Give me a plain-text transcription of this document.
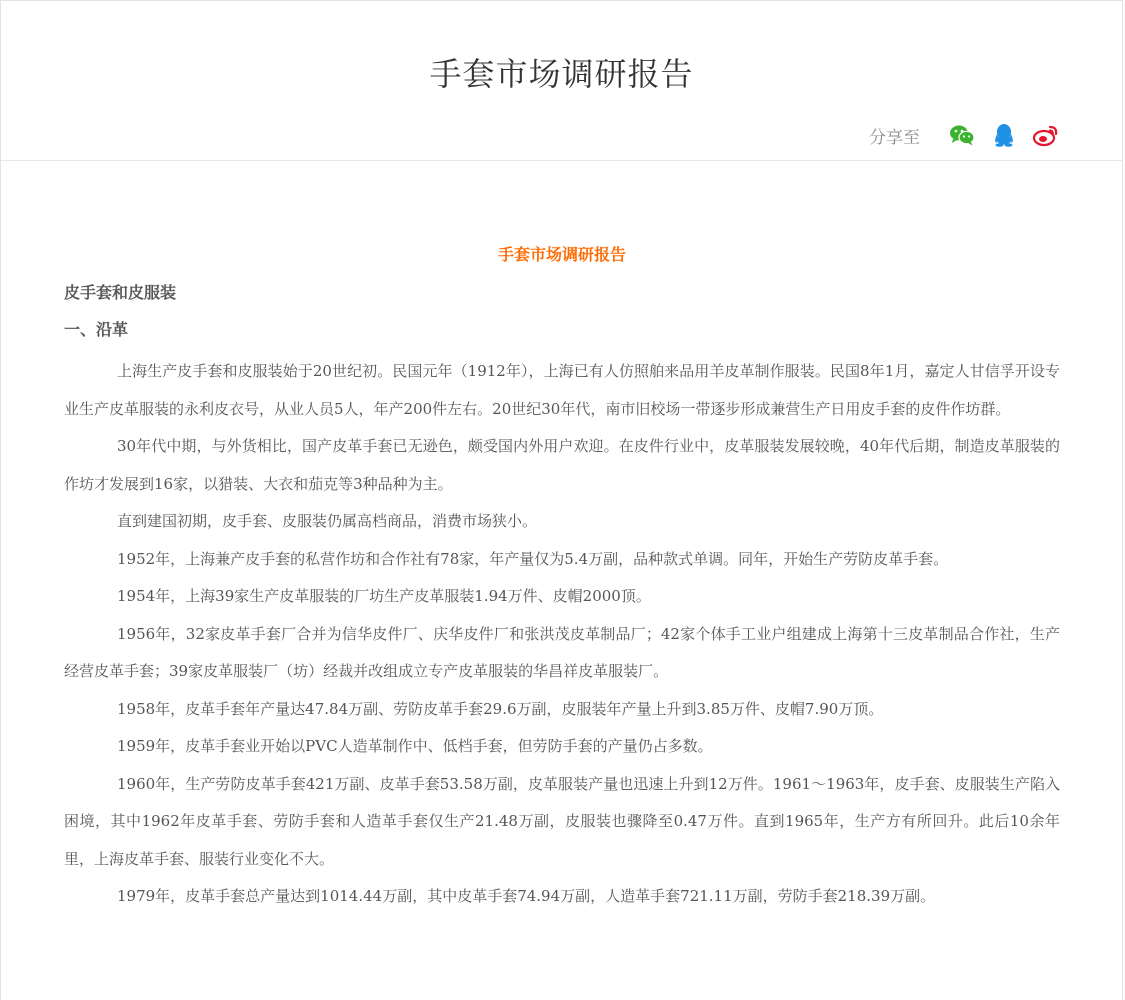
手套市场调研报告
分享至
手套市场调研报告
皮手套和皮服装
一、沿革

上海生产皮手套和皮服装始于20世纪初。民国元年（1912年），上海已有人仿照舶来品用羊皮革制作服装。民国8年1月，嘉定人甘信孚开设专业生产皮革服装的永利皮衣号，从业人员5人，年产200件左右。20世纪30年代，南市旧校场一带逐步形成兼营生产日用皮手套的皮件作坊群。

30年代中期，与外货相比，国产皮革手套已无逊色，颇受国内外用户欢迎。在皮件行业中，皮革服装发展较晚，40年代后期，制造皮革服装的作坊才发展到16家，以猎装、大衣和茄克等3种品种为主。

直到建国初期，皮手套、皮服装仍属高档商品，消费市场狭小。

1952年，上海兼产皮手套的私营作坊和合作社有78家，年产量仅为5.4万副，品种款式单调。同年，开始生产劳防皮革手套。

1954年，上海39家生产皮革服装的厂坊生产皮革服装1.94万件、皮帽2000顶。

1956年，32家皮革手套厂合并为信华皮件厂、庆华皮件厂和张洪茂皮革制品厂；42家个体手工业户组建成上海第十三皮革制品合作社，生产经营皮革手套；39家皮革服装厂（坊）经裁并改组成立专产皮革服装的华昌祥皮革服装厂。

1958年，皮革手套年产量达47.84万副、劳防皮革手套29.6万副，皮服装年产量上升到3.85万件、皮帽7.90万顶。

1959年，皮革手套业开始以PVC人造革制作中、低档手套，但劳防手套的产量仍占多数。

1960年，生产劳防皮革手套421万副、皮革手套53.58万副，皮革服装产量也迅速上升到12万件。1961～1963年，皮手套、皮服装生产陷入困境，其中1962年皮革手套、劳防手套和人造革手套仅生产21.48万副，皮服装也骤降至0.47万件。直到1965年，生产方有所回升。此后10余年里，上海皮革手套、服装行业变化不大。

1979年，皮革手套总产量达到1014.44万副，其中皮革手套74.94万副，人造革手套721.11万副，劳防手套218.39万副。
